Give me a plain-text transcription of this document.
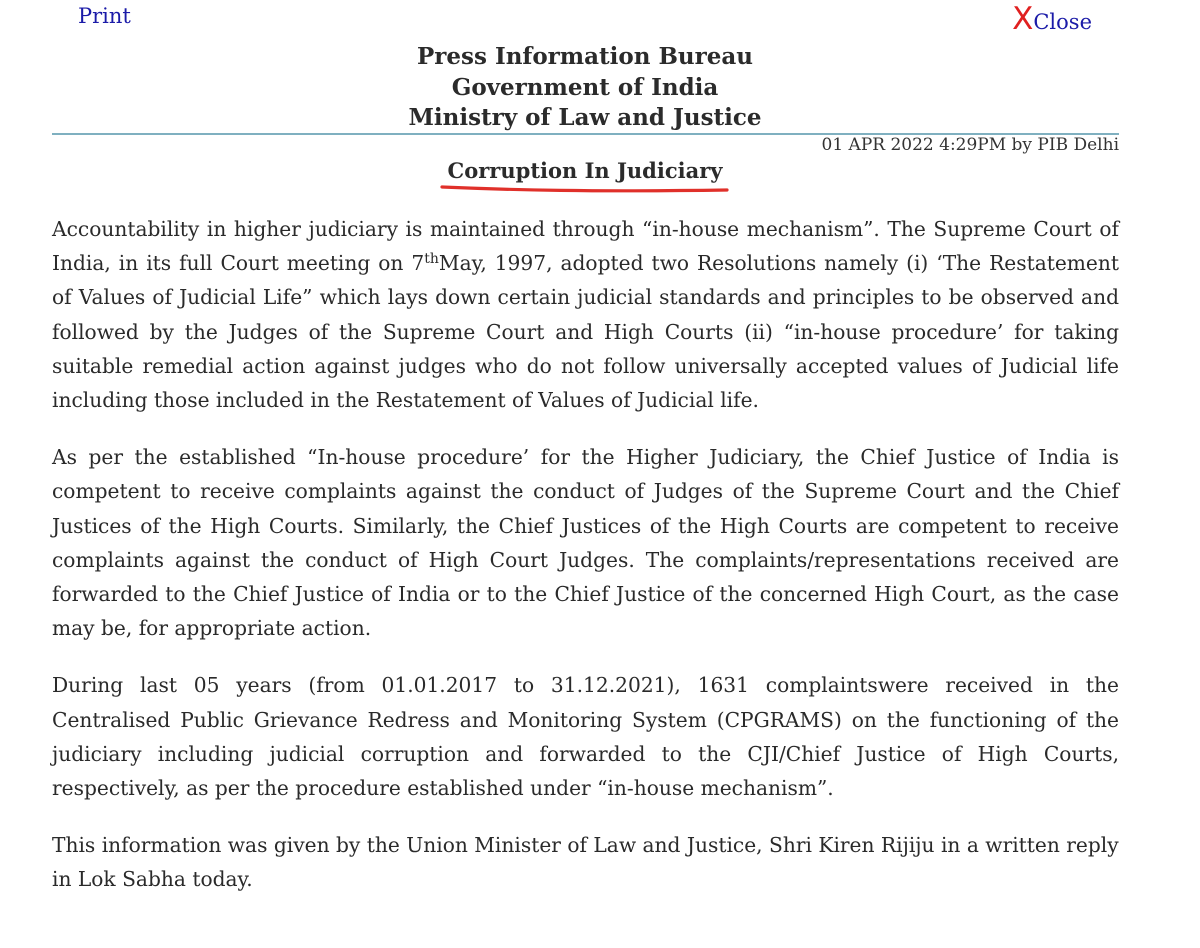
Print	X Close
Press Information Bureau
Government of India
Ministry of Law and Justice
01 APR 2022 4:29PM by PIB Delhi
Corruption In Judiciary

Accountability in higher judiciary is maintained through “in-house mechanism”. The Supreme Court of India, in its full Court meeting on 7thMay, 1997, adopted two Resolutions namely (i) ‘The Restatement of Values of Judicial Life” which lays down certain judicial standards and principles to be observed and followed by the Judges of the Supreme Court and High Courts (ii) “in-house procedure’ for taking suitable remedial action against judges who do not follow universally accepted values of Judicial life including those included in the Restatement of Values of Judicial life.

As per the established “In-house procedure’ for the Higher Judiciary, the Chief Justice of India is competent to receive complaints against the conduct of Judges of the Supreme Court and the Chief Justices of the High Courts. Similarly, the Chief Justices of the High Courts are competent to receive complaints against the conduct of High Court Judges. The complaints/representations received are forwarded to the Chief Justice of India or to the Chief Justice of the concerned High Court, as the case may be, for appropriate action.

During last 05 years (from 01.01.2017 to 31.12.2021), 1631 complaintswere received in the Centralised Public Grievance Redress and Monitoring System (CPGRAMS) on the functioning of the judiciary including judicial corruption and forwarded to the CJI/Chief Justice of High Courts, respectively, as per the procedure established under “in-house mechanism”.

This information was given by the Union Minister of Law and Justice, Shri Kiren Rijiju in a written reply in Lok Sabha today.
